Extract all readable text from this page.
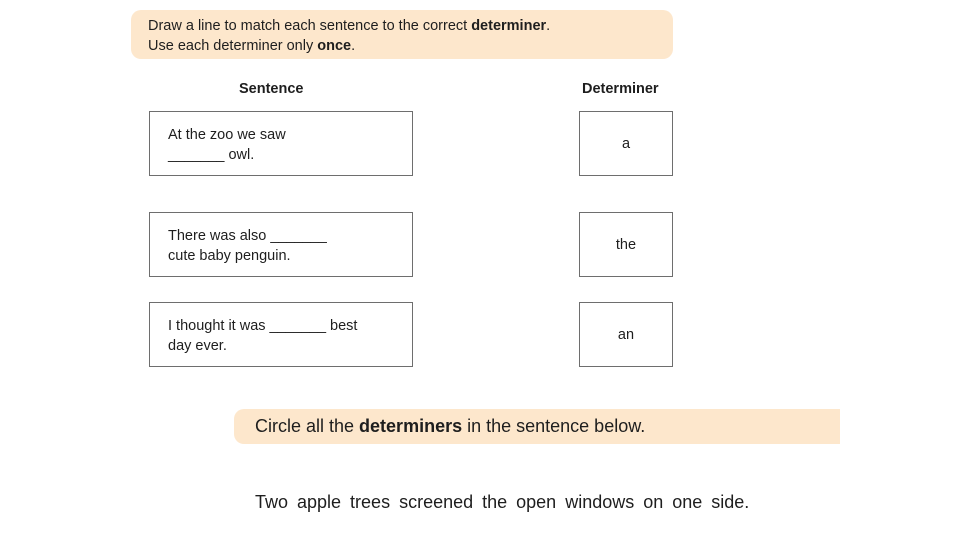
Draw a line to match each sentence to the correct determiner.
Use each determiner only once.
Sentence	Determiner
At the zoo we saw
_______ owl.
There was also _______
cute baby penguin.
I thought it was _______ best
day ever.
a
the
an
Circle all the determiners in the sentence below.
Two apple trees screened the open windows on one side.
